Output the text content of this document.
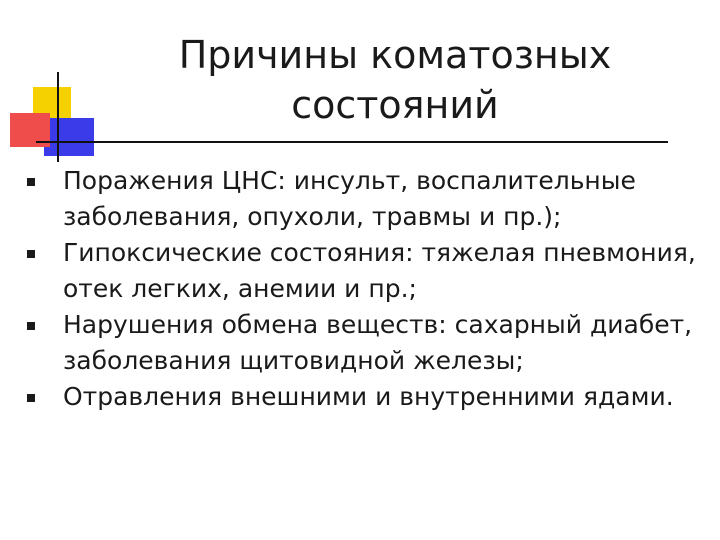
Причины коматозных
состояний
Поражения ЦНС: инсульт, воспалительные заболевания, опухоли, травмы и пр.);
Гипоксические состояния: тяжелая пневмония, отек легких, анемии и пр.;
Нарушения обмена веществ: сахарный диабет, заболевания щитовидной железы;
Отравления внешними и внутренними ядами.
